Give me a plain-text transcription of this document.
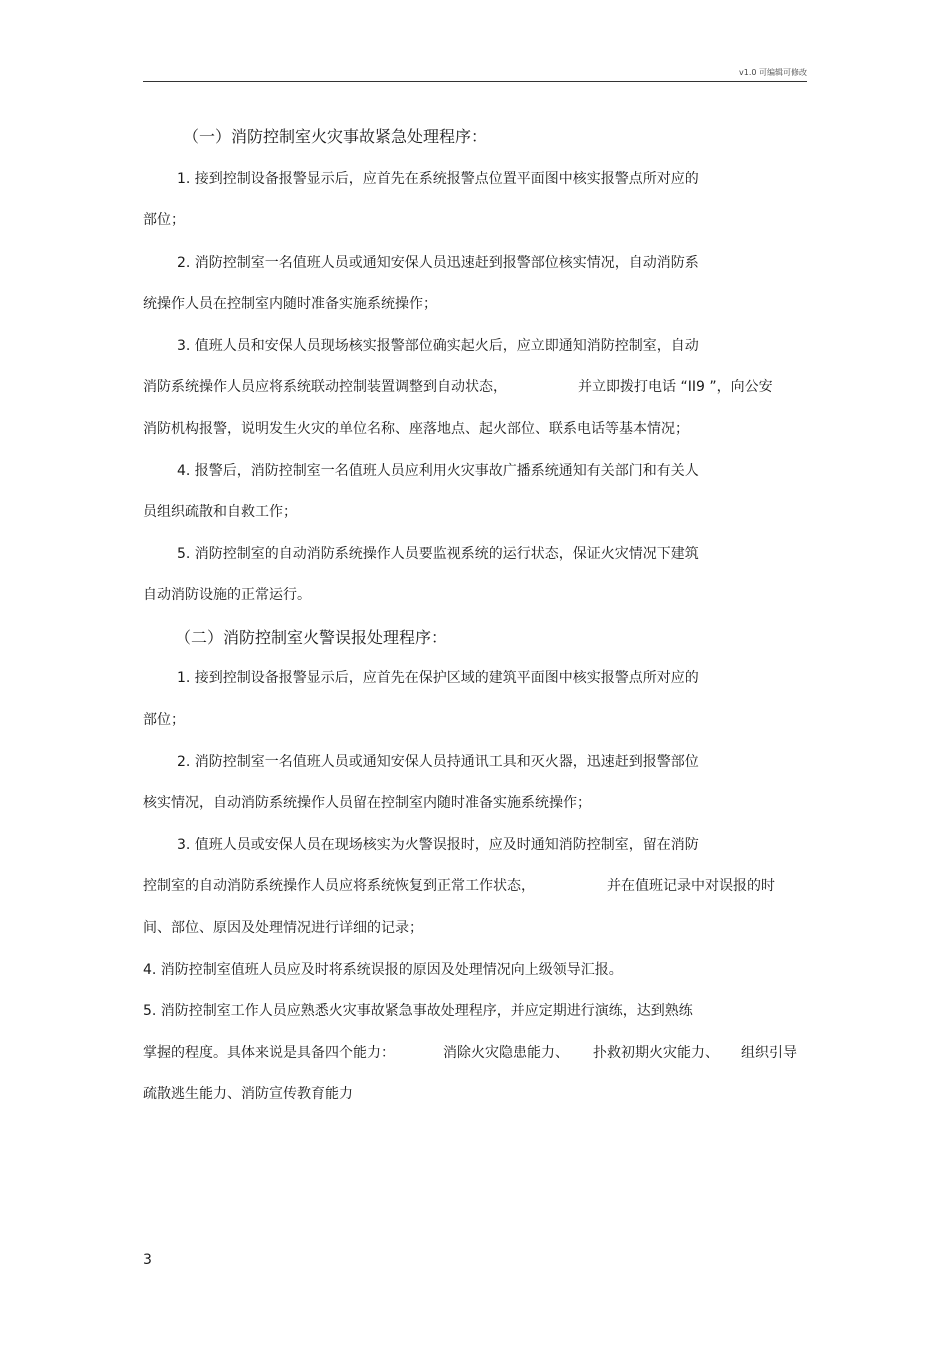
v1.0 可编辑可修改
（一）消防控制室火灾事故紧急处理程序：
1. 接到控制设备报警显示后，应首先在系统报警点位置平面图中核实报警点所对应的
部位；
2. 消防控制室一名值班人员或通知安保人员迅速赶到报警部位核实情况，自动消防系
统操作人员在控制室内随时准备实施系统操作；
3. 值班人员和安保人员现场核实报警部位确实起火后，应立即通知消防控制室，自动
消防系统操作人员应将系统联动控制装置调整到自动状态，	并立即拨打电话 “II9 ”，向公安
消防机构报警，说明发生火灾的单位名称、座落地点、起火部位、联系电话等基本情况；
4. 报警后，消防控制室一名值班人员应利用火灾事故广播系统通知有关部门和有关人
员组织疏散和自救工作；
5. 消防控制室的自动消防系统操作人员要监视系统的运行状态，保证火灾情况下建筑
自动消防设施的正常运行。
（二）消防控制室火警误报处理程序：
1. 接到控制设备报警显示后，应首先在保护区域的建筑平面图中核实报警点所对应的
部位；
2. 消防控制室一名值班人员或通知安保人员持通讯工具和灭火器，迅速赶到报警部位
核实情况，自动消防系统操作人员留在控制室内随时准备实施系统操作；
3. 值班人员或安保人员在现场核实为火警误报时，应及时通知消防控制室，留在消防
控制室的自动消防系统操作人员应将系统恢复到正常工作状态，	并在值班记录中对误报的时
间、部位、原因及处理情况进行详细的记录；
4. 消防控制室值班人员应及时将系统误报的原因及处理情况向上级领导汇报。
5. 消防控制室工作人员应熟悉火灾事故紧急事故处理程序，并应定期进行演练，达到熟练
掌握的程度。具体来说是具备四个能力：	消除火灾隐患能力、 扑救初期火灾能力、 组织引导
疏散逃生能力、消防宣传教育能力
3
